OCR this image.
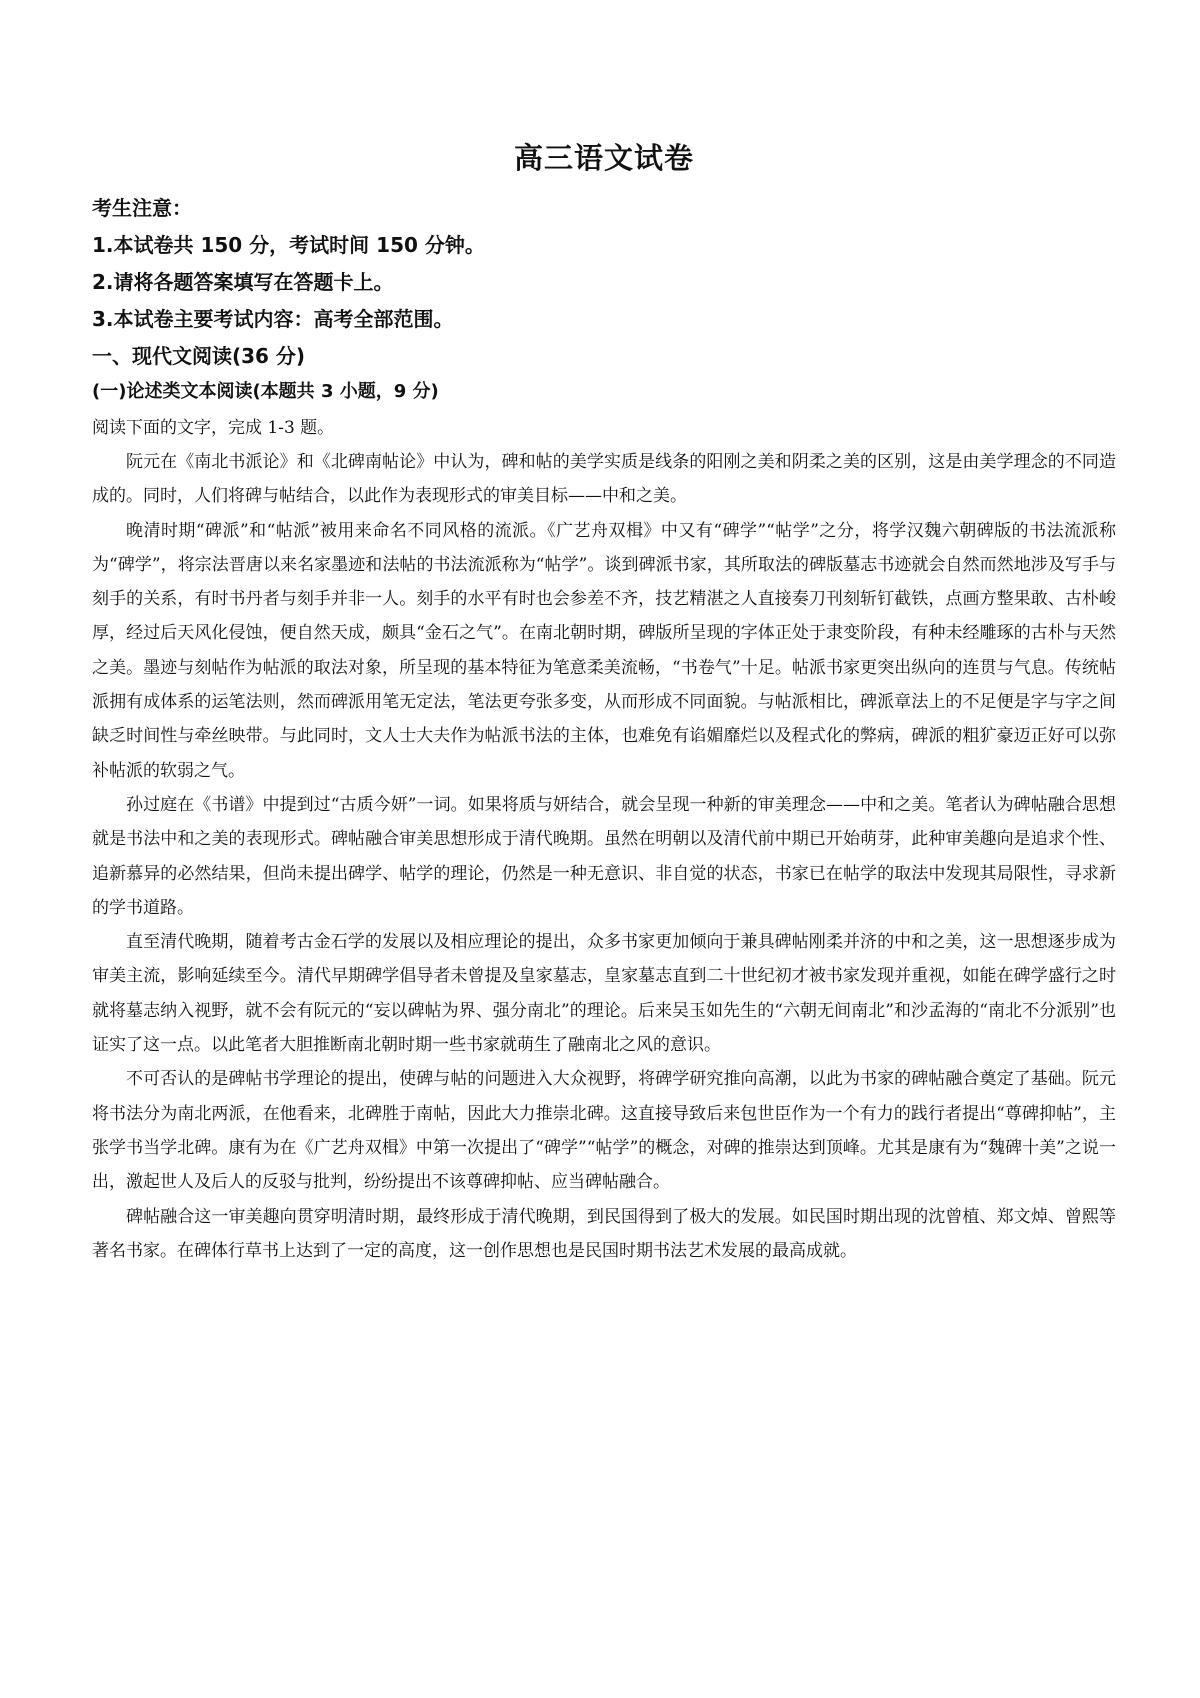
高三语文试卷

考生注意：

1.本试卷共 150 分，考试时间 150 分钟。

2.请将各题答案填写在答题卡上。

3.本试卷主要考试内容：高考全部范围。

一、现代文阅读(36 分)

(一)论述类文本阅读(本题共 3 小题，9 分)

阅读下面的文字，完成 1-3 题。

阮元在《南北书派论》和《北碑南帖论》中认为，碑和帖的美学实质是线条的阳刚之美和阴柔之美的区别，这是由美学理念的不同造成的。同时，人们将碑与帖结合，以此作为表现形式的审美目标——中和之美。

晚清时期“碑派”和“帖派”被用来命名不同风格的流派。《广艺舟双楫》中又有“碑学”“帖学”之分，将学汉魏六朝碑版的书法流派称为“碑学”，将宗法晋唐以来名家墨迹和法帖的书法流派称为“帖学”。谈到碑派书家，其所取法的碑版墓志书迹就会自然而然地涉及写手与刻手的关系，有时书丹者与刻手并非一人。刻手的水平有时也会参差不齐，技艺精湛之人直接奏刀刊刻斩钉截铁，点画方整果敢、古朴峻厚，经过后天风化侵蚀，便自然天成，颇具“金石之气”。在南北朝时期，碑版所呈现的字体正处于隶变阶段，有种未经雕琢的古朴与天然之美。墨迹与刻帖作为帖派的取法对象，所呈现的基本特征为笔意柔美流畅，“书卷气”十足。帖派书家更突出纵向的连贯与气息。传统帖派拥有成体系的运笔法则，然而碑派用笔无定法，笔法更夸张多变，从而形成不同面貌。与帖派相比，碑派章法上的不足便是字与字之间缺乏时间性与牵丝映带。与此同时，文人士大夫作为帖派书法的主体，也难免有谄媚靡烂以及程式化的弊病，碑派的粗犷豪迈正好可以弥补帖派的软弱之气。

孙过庭在《书谱》中提到过“古质今妍”一词。如果将质与妍结合，就会呈现一种新的审美理念——中和之美。笔者认为碑帖融合思想就是书法中和之美的表现形式。碑帖融合审美思想形成于清代晚期。虽然在明朝以及清代前中期已开始萌芽，此种审美趣向是追求个性、追新慕异的必然结果，但尚未提出碑学、帖学的理论，仍然是一种无意识、非自觉的状态，书家已在帖学的取法中发现其局限性，寻求新的学书道路。

直至清代晚期，随着考古金石学的发展以及相应理论的提出，众多书家更加倾向于兼具碑帖刚柔并济的中和之美，这一思想逐步成为审美主流，影响延续至今。清代早期碑学倡导者未曾提及皇家墓志，皇家墓志直到二十世纪初才被书家发现并重视，如能在碑学盛行之时就将墓志纳入视野，就不会有阮元的“妄以碑帖为界、强分南北”的理论。后来吴玉如先生的“六朝无间南北”和沙孟海的“南北不分派别”也证实了这一点。以此笔者大胆推断南北朝时期一些书家就萌生了融南北之风的意识。

不可否认的是碑帖书学理论的提出，使碑与帖的问题进入大众视野，将碑学研究推向高潮，以此为书家的碑帖融合奠定了基础。阮元将书法分为南北两派，在他看来，北碑胜于南帖，因此大力推崇北碑。这直接导致后来包世臣作为一个有力的践行者提出“尊碑抑帖”，主张学书当学北碑。康有为在《广艺舟双楫》中第一次提出了“碑学”“帖学”的概念，对碑的推崇达到顶峰。尤其是康有为“魏碑十美”之说一出，激起世人及后人的反驳与批判，纷纷提出不该尊碑抑帖、应当碑帖融合。

碑帖融合这一审美趣向贯穿明清时期，最终形成于清代晚期，到民国得到了极大的发展。如民国时期出现的沈曾植、郑文焯、曾熙等著名书家。在碑体行草书上达到了一定的高度，这一创作思想也是民国时期书法艺术发展的最高成就。
